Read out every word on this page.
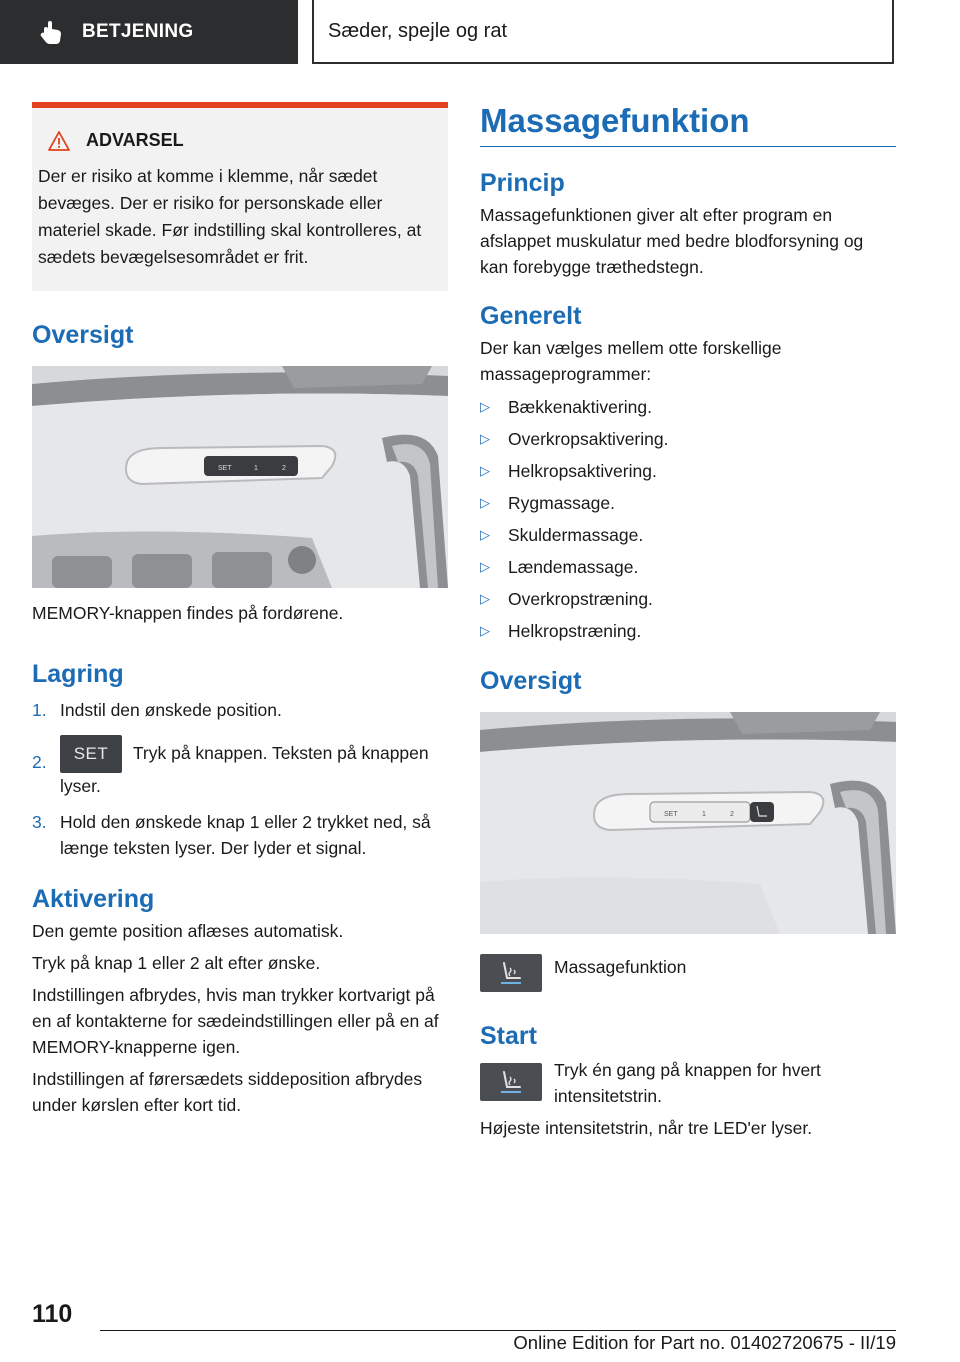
BETJENING	Sæder, spejle og rat
ADVARSEL

Der er risiko at komme i klemme, når sædet bevæges. Der er risiko for personskade eller materiel skade. Før indstilling skal kontrolleres, at sædets bevægelsesområdet er frit.

Oversigt
SET	1	2

MEMORY-knappen findes på fordørene.

Lagring
1. Indstil den ønskede position.
2. SET Tryk på knappen. Teksten på knappen lyser.
3. Hold den ønskede knap 1 eller 2 trykket ned, så længe teksten lyser. Der lyder et signal.
Aktivering

Den gemte position aflæses automatisk.

Tryk på knap 1 eller 2 alt efter ønske.

Indstillingen afbrydes, hvis man trykker kortvarigt på en af kontakterne for sædeindstillingen eller på en af MEMORY-knapperne igen.

Indstillingen af førersædets siddeposition afbrydes under kørslen efter kort tid.

Massagefunktion
Princip

Massagefunktionen giver alt efter program en afslappet muskulatur med bedre blodforsyning og kan forebygge træthedstegn.

Generelt

Der kan vælges mellem otte forskellige massageprogrammer:

▷	Bækkenaktivering.
▷	Overkropsaktivering.
▷	Helkropsaktivering.
▷	Rygmassage.
▷	Skuldermassage.
▷	Lændemassage.
▷	Overkropstræning.
▷	Helkropstræning.
Oversigt
SET	1	2

Massagefunktion

Start

Tryk én gang på knappen for hvert intensitetstrin.

Højeste intensitetstrin, når tre LED'er lyser.

110
Online Edition for Part no. 01402720675 - II/19
